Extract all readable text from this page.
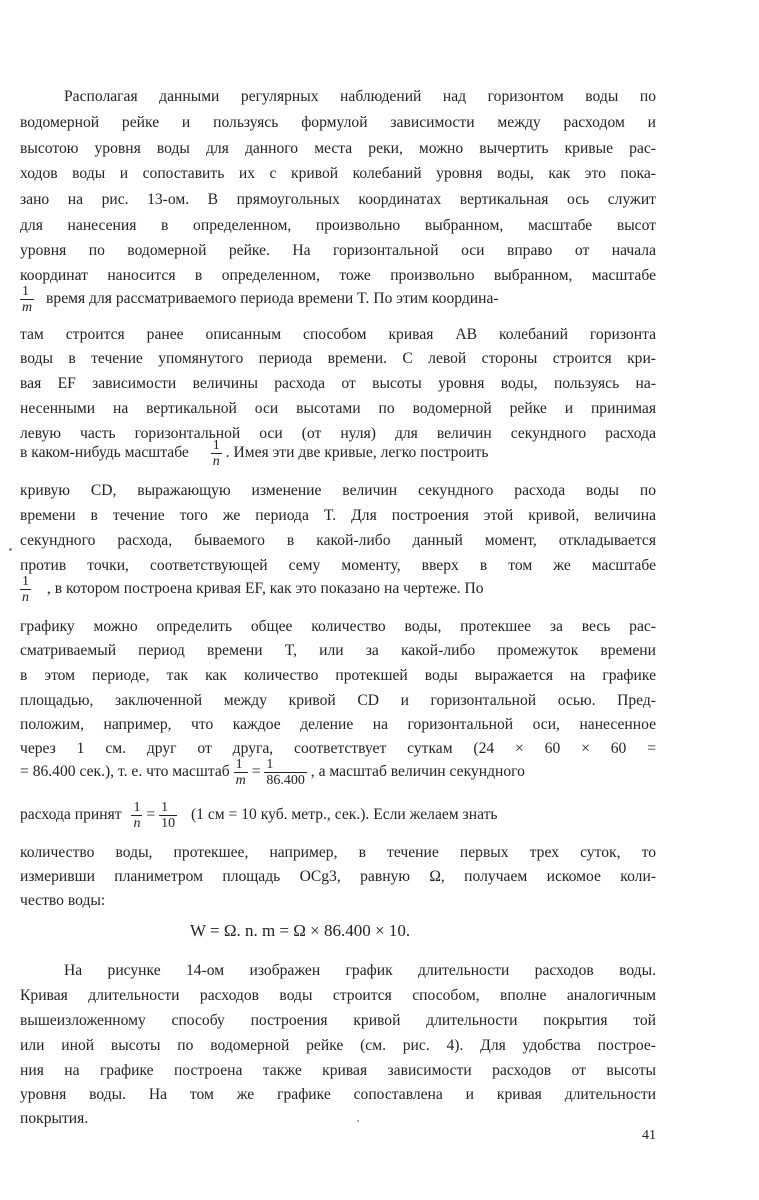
Располагая данными регулярных наблюдений над горизонтом воды по
водомерной рейке и пользуясь формулой зависимости между расходом и
высотою уровня воды для данного места реки, можно вычертить кривые рас-
ходов воды и сопоставить их с кривой колебаний уровня воды, как это пока-
зано на рис. 13-ом. В прямоугольных координатах вертикальная ось служит
для нанесения в определенном, произвольно выбранном, масштабе высот
уровня по водомерной рейке. На горизонтальной оси вправо от начала
координат наносится в определенном, тоже произвольно выбранном, масштабе
$\frac{1}{m}$ время для рассматриваемого периода времени T. По этим координа-
там строится ранее описанным способом кривая AB колебаний горизонта
воды в течение упомянутого периода времени. С левой стороны строится кри-
вая EF зависимости величины расхода от высоты уровня воды, пользуясь на-
несенными на вертикальной оси высотами по водомерной рейке и принимая
левую часть горизонтальной оси (от нуля) для величин секундного расхода
в каком-нибудь масштабе $\frac{1}{n}$ . Имея эти две кривые, легко построить
кривую CD, выражающую изменение величин секундного расхода воды по
времени в течение того же периода T. Для построения этой кривой, величина
секундного расхода, бываемого в какой-либо данный момент, откладывается
против точки, соответствующей сему моменту, вверх в том же масштабе
$\frac{1}{n}$ , в котором построена кривая EF, как это показано на чертеже. По
графику можно определить общее количество воды, протекшее за весь рас-
сматриваемый период времени T, или за какой-либо промежуток времени
в этом периоде, так как количество протекшей воды выражается на графике
площадью, заключенной между кривой CD и горизонтальной осью. Пред-
положим, например, что каждое деление на горизонтальной оси, нанесенное
через 1 см. друг от друга, соответствует суткам (24 × 60 × 60 =
= 86.400 сек.), т. е. что масштаб $\frac{1}{m} = \frac{1}{86.400}$ , а масштаб величин секундного
расхода принят $\frac{1}{n} = \frac{1}{10} (1$ см = 10 куб. метр., сек.). Если желаем знать
количество воды, протекшее, например, в течение первых трех суток, то
измеривши планиметром площадь OCg3, равную Ω, получаем искомое коли-
чество воды:
W = Ω. n. m = Ω × 86.400 × 10.
На рисунке 14-ом изображен график длительности расходов воды.
Кривая длительности расходов воды строится способом, вполне аналогичным
вышеизложенному способу построения кривой длительности покрытия той
или иной высоты по водомерной рейке (см. рис. 4). Для удобства построе-
ния на графике построена также кривая зависимости расходов от высоты
уровня воды. На том же графике сопоставлена и кривая длительности
покрытия.
41
